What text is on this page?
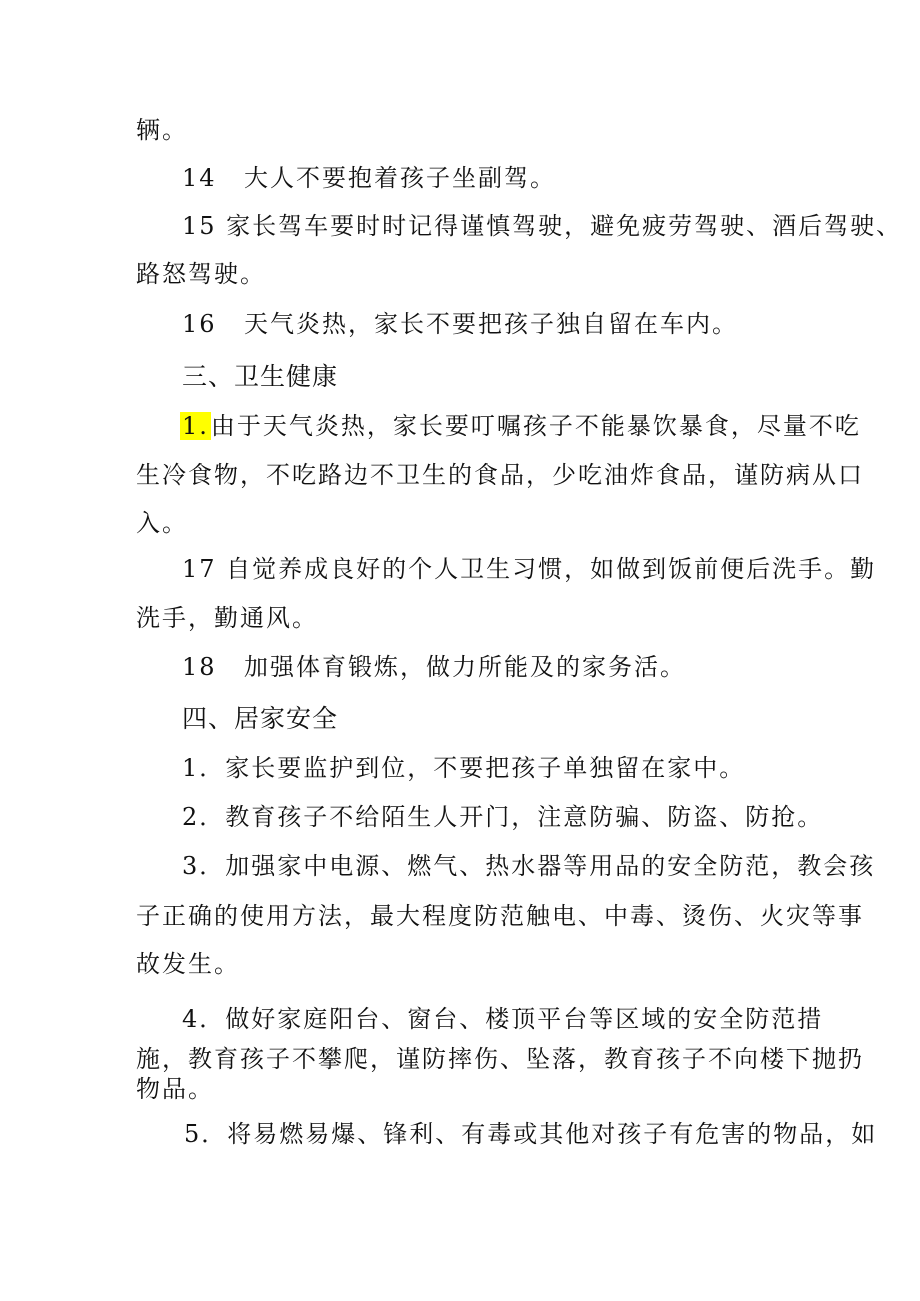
辆。
14 大人不要抱着孩子坐副驾。
15 家长驾车要时时记得谨慎驾驶，避免疲劳驾驶、酒后驾驶、
路怒驾驶。
16 天气炎热，家长不要把孩子独自留在车内。
三、卫生健康
1.由于天气炎热，家长要叮嘱孩子不能暴饮暴食，尽量不吃
生冷食物，不吃路边不卫生的食品，少吃油炸食品，谨防病从口
入。
17 自觉养成良好的个人卫生习惯，如做到饭前便后洗手。勤
洗手，勤通风。
18 加强体育锻炼，做力所能及的家务活。
四、居家安全
1．家长要监护到位，不要把孩子单独留在家中。
2．教育孩子不给陌生人开门，注意防骗、防盗、防抢。
3．加强家中电源、燃气、热水器等用品的安全防范，教会孩
子正确的使用方法，最大程度防范触电、中毒、烫伤、火灾等事
故发生。
4．做好家庭阳台、窗台、楼顶平台等区域的安全防范措
施，教育孩子不攀爬，谨防摔伤、坠落，教育孩子不向楼下抛扔
物品。
5．将易燃易爆、锋利、有毒或其他对孩子有危害的物品，如
